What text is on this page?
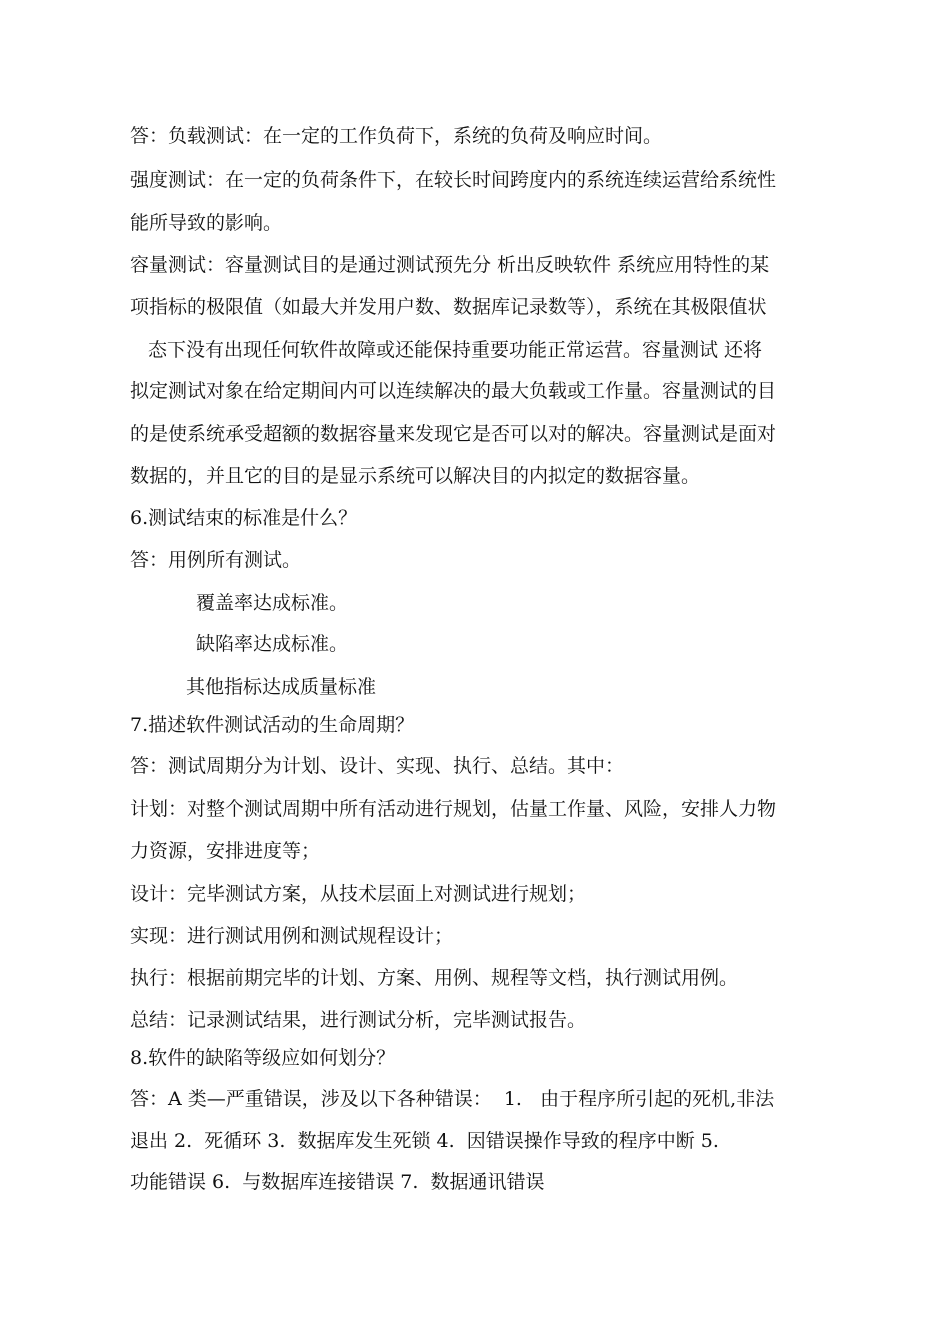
答：负载测试：在一定的工作负荷下，系统的负荷及响应时间。
强度测试：在一定的负荷条件下，在较长时间跨度内的系统连续运营给系统性
能所导致的影响。
容量测试：容量测试目的是通过测试预先分 析出反映软件 系统应用特性的某
项指标的极限值（如最大并发用户数、数据库记录数等），系统在其极限值状
态下没有出现任何软件故障或还能保持重要功能正常运营。容量测试 还将
拟定测试对象在给定期间内可以连续解决的最大负载或工作量。容量测试的目
的是使系统承受超额的数据容量来发现它是否可以对的解决。容量测试是面对
数据的，并且它的目的是显示系统可以解决目的内拟定的数据容量。
6.测试结束的标准是什么？
答：用例所有测试。
覆盖率达成标准。
缺陷率达成标准。
其他指标达成质量标准
7.描述软件测试活动的生命周期？
答：测试周期分为计划、设计、实现、执行、总结。其中：
计划：对整个测试周期中所有活动进行规划，估量工作量、风险，安排人力物
力资源，安排进度等；
设计：完毕测试方案，从技术层面上对测试进行规划；
实现：进行测试用例和测试规程设计；
执行：根据前期完毕的计划、方案、用例、规程等文档，执行测试用例。
总结：记录测试结果，进行测试分析，完毕测试报告。
8.软件的缺陷等级应如何划分？
答：A 类—严重错误，涉及以下各种错误：  1.   由于程序所引起的死机,非法
退出 2.  死循环 3.  数据库发生死锁 4.  因错误操作导致的程序中断 5.
功能错误 6.  与数据库连接错误 7.  数据通讯错误
